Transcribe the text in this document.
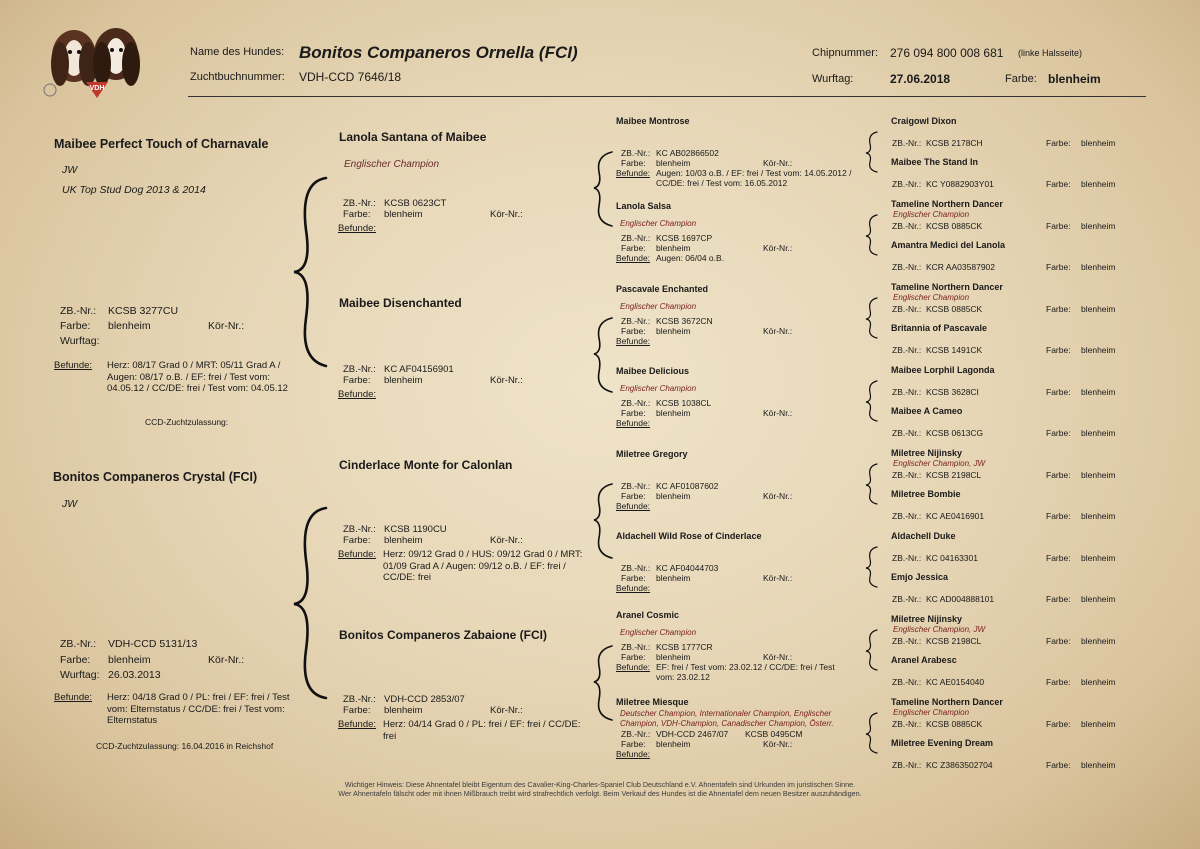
VDH
Name des Hundes: Bonitos Companeros Ornella (FCI)
Zuchtbuchnummer: VDH-CCD 7646/18
Chipnummer: 276 094 800 008 681 (linke Halsseite)
Wurftag:	27.06.2018	Farbe: blenheim
Maibee Perfect Touch of Charnavale
JW
UK Top Stud Dog 2013 & 2014
ZB.-Nr.: KCSB 3277CU
Farbe: blenheim	Kör-Nr.:
Wurftag:
Befunde: Herz: 08/17 Grad 0 / MRT: 05/11 Grad A / Augen: 08/17 o.B. / EF: frei / Test vom: 04.05.12 / CC/DE: frei / Test vom: 04.05.12
CCD-Zuchtzulassung:
Bonitos Companeros Crystal (FCI)
JW
ZB.-Nr.: VDH-CCD 5131/13
Farbe: blenheim	Kör-Nr.:
Wurftag: 26.03.2013
Befunde: Herz: 04/18 Grad 0 / PL: frei / EF: frei / Test vom: Elternstatus / CC/DE: frei / Test vom: Elternstatus
CCD-Zuchtzulassung: 16.04.2016 in Reichshof
Lanola Santana of Maibee
Englischer Champion
ZB.-Nr.: KCSB 0623CT
Farbe: blenheim	Kör-Nr.:
Befunde:
Maibee Disenchanted
ZB.-Nr.: KC AF04156901
Farbe: blenheim	Kör-Nr.:
Befunde:
Cinderlace Monte for Calonlan
ZB.-Nr.: KCSB 1190CU
Farbe: blenheim	Kör-Nr.:
Befunde: Herz: 09/12 Grad 0 / HUS: 09/12 Grad 0 / MRT: 01/09 Grad A / Augen: 09/12 o.B. / EF: frei / CC/DE: frei
Bonitos Companeros Zabaione (FCI)
ZB.-Nr.: VDH-CCD 2853/07
Farbe: blenheim	Kör-Nr.:
Befunde: Herz: 04/14 Grad 0 / PL: frei / EF: frei / CC/DE: frei
Maibee Montrose
ZB.-Nr.: KC AB02866502
Farbe: blenheim	Kör-Nr.:
Befunde: Augen: 10/03 o.B. / EF: frei / Test vom: 14.05.2012 / CC/DE: frei / Test vom: 16.05.2012
Lanola Salsa
Englischer Champion
ZB.-Nr.: KCSB 1697CP
Farbe: blenheim	Kör-Nr.:
Befunde: Augen: 06/04 o.B.
Pascavale Enchanted
Englischer Champion
ZB.-Nr.: KCSB 3672CN
Farbe: blenheim	Kör-Nr.:
Befunde:
Maibee Delicious
Englischer Champion
ZB.-Nr.: KCSB 1038CL
Farbe: blenheim	Kör-Nr.:
Befunde:
Miletree Gregory
ZB.-Nr.: KC AF01087602
Farbe: blenheim	Kör-Nr.:
Befunde:
Aldachell Wild Rose of Cinderlace
ZB.-Nr.: KC AF04044703
Farbe: blenheim	Kör-Nr.:
Befunde:
Aranel Cosmic
Englischer Champion
ZB.-Nr.: KCSB 1777CR
Farbe: blenheim	Kör-Nr.:
Befunde: EF: frei / Test vom: 23.02.12 / CC/DE: frei / Test vom: 23.02.12
Miletree Miesque
Deutscher Champion, Internationaler Champion, Englischer Champion, VDH-Champion, Canadischer Champion, Österr.
ZB.-Nr.: VDH-CCD 2467/07 KCSB 0495CM
Farbe: blenheim	Kör-Nr.:
Befunde:
Craigowl Dixon
ZB.-Nr.: KCSB 2178CH	Farbe: blenheim
Maibee The Stand In
ZB.-Nr.: KC Y0882903Y01	Farbe: blenheim
Tameline Northern Dancer
Englischer Champion
ZB.-Nr.: KCSB 0885CK	Farbe: blenheim
Amantra Medici del Lanola
ZB.-Nr.: KCR AA03587902	Farbe: blenheim
Tameline Northern Dancer
Englischer Champion
ZB.-Nr.: KCSB 0885CK	Farbe: blenheim
Britannia of Pascavale
ZB.-Nr.: KCSB 1491CK	Farbe: blenheim
Maibee Lorphil Lagonda
ZB.-Nr.: KCSB 3628CI	Farbe: blenheim
Maibee A Cameo
ZB.-Nr.: KCSB 0613CG	Farbe: blenheim
Miletree Nijinsky
Englischer Champion, JW
ZB.-Nr.: KCSB 2198CL	Farbe: blenheim
Miletree Bombie
ZB.-Nr.: KC AE0416901	Farbe: blenheim
Aldachell Duke
ZB.-Nr.: KC 04163301	Farbe: blenheim
Emjo Jessica
ZB.-Nr.: KC AD004888101	Farbe: blenheim
Miletree Nijinsky
Englischer Champion, JW
ZB.-Nr.: KCSB 2198CL	Farbe: blenheim
Aranel Arabesc
ZB.-Nr.: KC AE0154040	Farbe: blenheim
Tameline Northern Dancer
Englischer Champion
ZB.-Nr.: KCSB 0885CK	Farbe: blenheim
Miletree Evening Dream
ZB.-Nr.: KC Z3863502704	Farbe: blenheim
Wichtiger Hinweis: Diese Ahnentafel bleibt Eigentum des Cavalier-King-Charles-Spaniel Club Deutschland e.V. Ahnentafeln sind Urkunden im juristischen Sinne.
Wer Ahnentafeln fälscht oder mit ihnen Mißbrauch treibt wird strafrechtlich verfolgt. Beim Verkauf des Hundes ist die Ahnentafel dem neuen Besitzer auszuhändigen.
